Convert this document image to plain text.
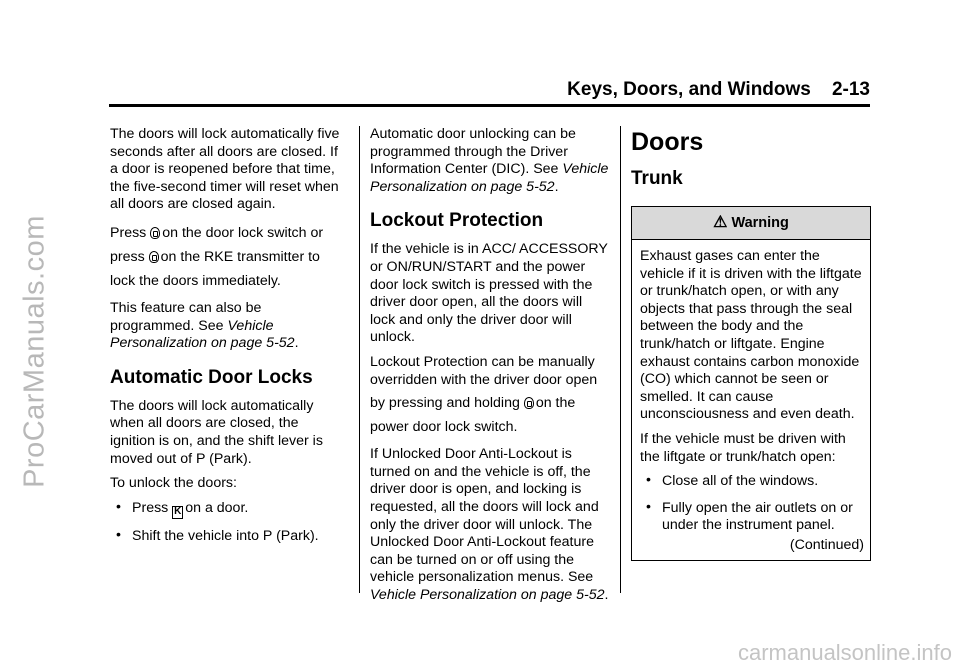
Keys, Doors, and Windows    2-13
ProCarManuals.com
carmanualsonline.info

The doors will lock automatically five seconds after all doors are closed. If a door is reopened before that time, the five-second timer will reset when all doors are closed again.

Press on the door lock switch or
press on the RKE transmitter to
lock the doors immediately.

This feature can also be programmed. See Vehicle Personalization on page 5-52.

Automatic Door Locks

The doors will lock automatically when all doors are closed, the ignition is on, and the shift lever is moved out of P (Park).

To unlock the doors:

• Press K on a door.
• Shift the vehicle into P (Park).

Automatic door unlocking can be programmed through the Driver Information Center (DIC). See Vehicle Personalization on page 5-52.

Lockout Protection

If the vehicle is in ACC/ ACCESSORY or ON/RUN/START and the power door lock switch is pressed with the driver door open, all the doors will lock and only the driver door will unlock.

Lockout Protection can be manually overridden with the driver door open

by pressing and holding on the
power door lock switch.

If Unlocked Door Anti-Lockout is turned on and the vehicle is off, the driver door is open, and locking is requested, all the doors will lock and only the driver door will unlock. The Unlocked Door Anti-Lockout feature can be turned on or off using the vehicle personalization menus. See Vehicle Personalization on page 5-52.

Doors
Trunk
⚠ Warning

Exhaust gases can enter the vehicle if it is driven with the liftgate or trunk/hatch open, or with any objects that pass through the seal between the body and the trunk/hatch or liftgate. Engine exhaust contains carbon monoxide (CO) which cannot be seen or smelled. It can cause unconsciousness and even death.

If the vehicle must be driven with the liftgate or trunk/hatch open:

• Close all of the windows.
• Fully open the air outlets on or under the instrument panel.

(Continued)
